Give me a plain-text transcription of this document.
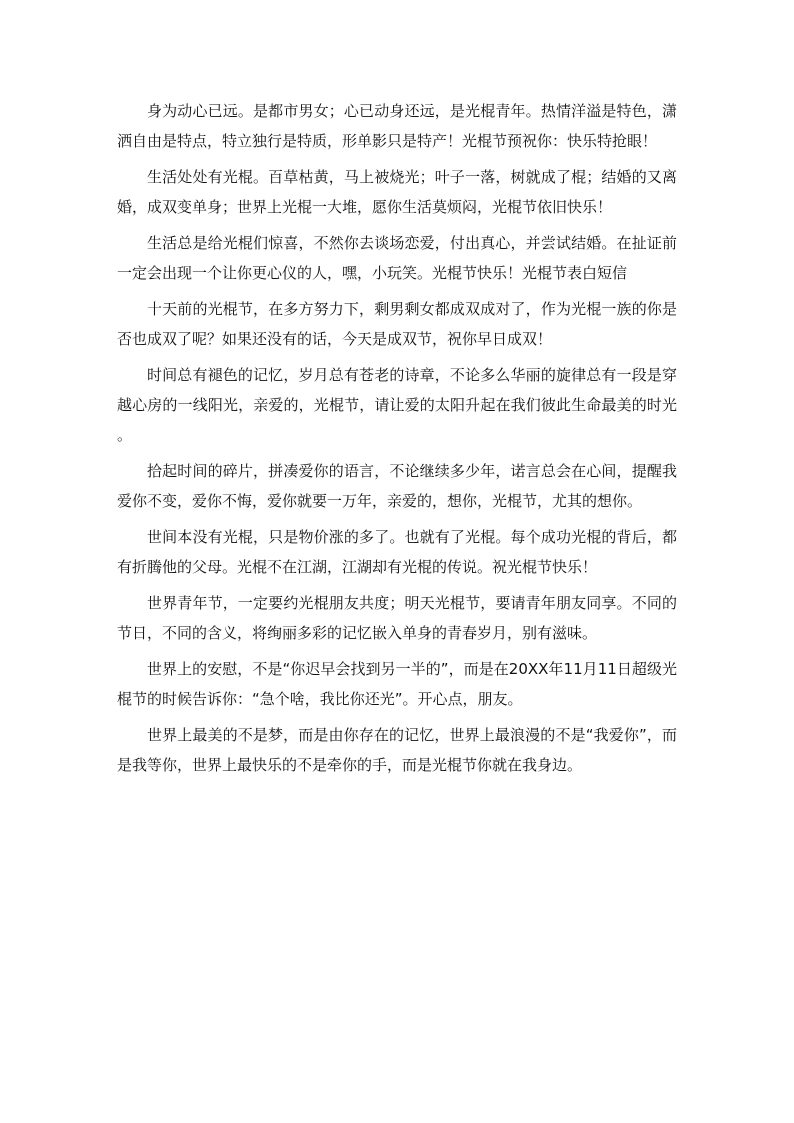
身为动心已远。是都市男女；心已动身还远，是光棍青年。热情洋溢是特色，潇洒自由是特点，特立独行是特质，形单影只是特产！光棍节预祝你：快乐特抢眼！

生活处处有光棍。百草枯黄，马上被烧光；叶子一落，树就成了棍；结婚的又离婚，成双变单身；世界上光棍一大堆，愿你生活莫烦闷，光棍节依旧快乐！

生活总是给光棍们惊喜，不然你去谈场恋爱，付出真心，并尝试结婚。在扯证前一定会出现一个让你更心仪的人，嘿，小玩笑。光棍节快乐！光棍节表白短信

十天前的光棍节，在多方努力下，剩男剩女都成双成对了，作为光棍一族的你是否也成双了呢？如果还没有的话，今天是成双节，祝你早日成双！

时间总有褪色的记忆，岁月总有苍老的诗章，不论多么华丽的旋律总有一段是穿越心房的一线阳光，亲爱的，光棍节，请让爱的太阳升起在我们彼此生命最美的时光。

拾起时间的碎片，拼凑爱你的语言，不论继续多少年，诺言总会在心间，提醒我爱你不变，爱你不悔，爱你就要一万年，亲爱的，想你，光棍节，尤其的想你。

世间本没有光棍，只是物价涨的多了。也就有了光棍。每个成功光棍的背后，都有折腾他的父母。光棍不在江湖，江湖却有光棍的传说。祝光棍节快乐！

世界青年节，一定要约光棍朋友共度；明天光棍节，要请青年朋友同享。不同的节日，不同的含义，将绚丽多彩的记忆嵌入单身的青春岁月，别有滋味。

世界上的安慰，不是“你迟早会找到另一半的”，而是在20XX年11月11日超级光棍节的时候告诉你：“急个啥，我比你还光”。开心点，朋友。

世界上最美的不是梦，而是由你存在的记忆，世界上最浪漫的不是“我爱你”，而是我等你，世界上最快乐的不是牵你的手，而是光棍节你就在我身边。
